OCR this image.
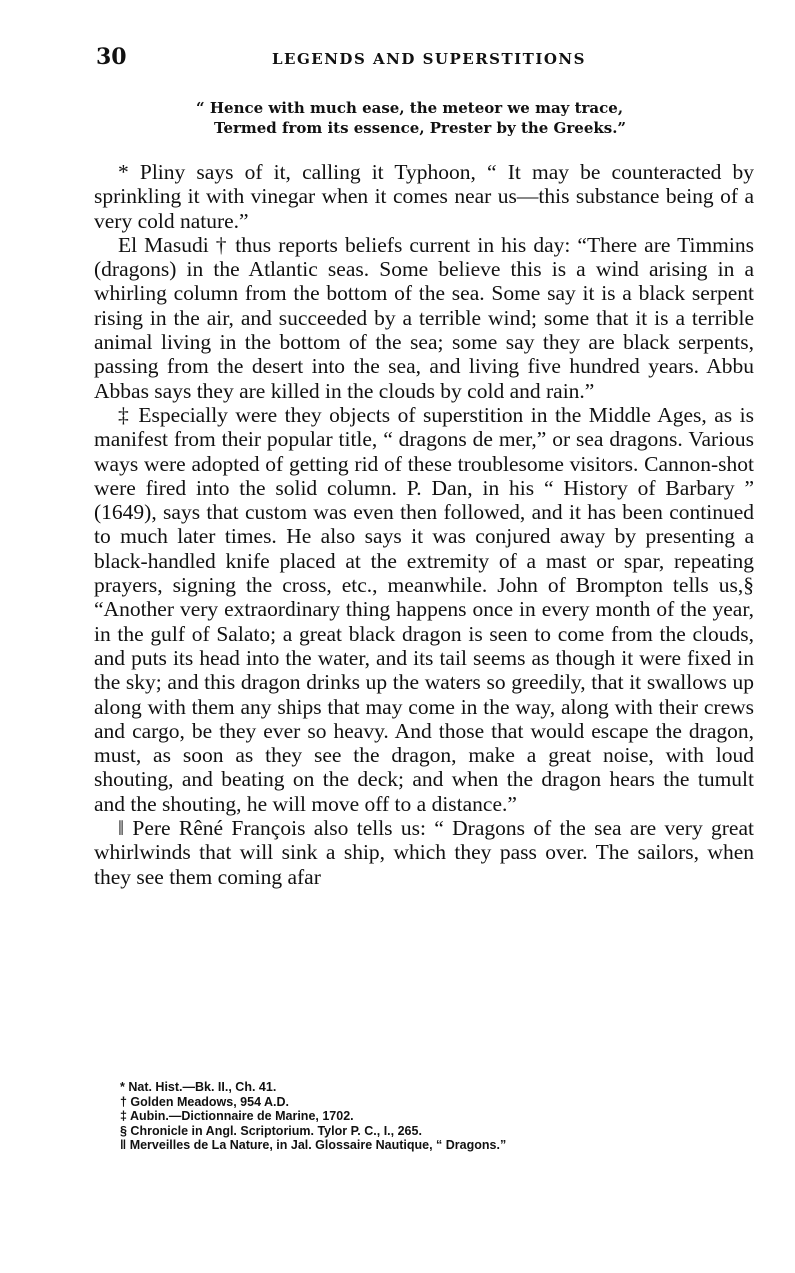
30	LEGENDS AND SUPERSTITIONS
“ Hence with much ease, the meteor we may trace,
Termed from its essence, Prester by the Greeks.”

* Pliny says of it, calling it Typhoon, “ It may be counteracted by sprinkling it with vinegar when it comes near us—this substance being of a very cold nature.”

El Masudi † thus reports beliefs current in his day: “There are Timmins (dragons) in the Atlantic seas. Some believe this is a wind arising in a whirling column from the bottom of the sea. Some say it is a black serpent rising in the air, and succeeded by a terrible wind; some that it is a terrible animal living in the bottom of the sea; some say they are black serpents, passing from the desert into the sea, and living five hundred years. Abbu Abbas says they are killed in the clouds by cold and rain.”

‡ Especially were they objects of superstition in the Middle Ages, as is manifest from their popular title, “ dragons de mer,” or sea dragons. Various ways were adopted of getting rid of these troublesome visitors. Cannon-shot were fired into the solid column. P. Dan, in his “ History of Barbary ” (1649), says that custom was even then followed, and it has been continued to much later times. He also says it was conjured away by presenting a black-handled knife placed at the extremity of a mast or spar, repeating prayers, signing the cross, etc., meanwhile. John of Brompton tells us,§ “Another very extraordinary thing happens once in every month of the year, in the gulf of Salato; a great black dragon is seen to come from the clouds, and puts its head into the water, and its tail seems as though it were fixed in the sky; and this dragon drinks up the waters so greedily, that it swallows up along with them any ships that may come in the way, along with their crews and cargo, be they ever so heavy. And those that would escape the dragon, must, as soon as they see the dragon, make a great noise, with loud shouting, and beating on the deck; and when the dragon hears the tumult and the shouting, he will move off to a distance.”

‖ Pere Rêné François also tells us: “ Dragons of the sea are very great whirlwinds that will sink a ship, which they pass over. The sailors, when they see them coming afar

* Nat. Hist.—Bk. II., Ch. 41.
† Golden Meadows, 954 A.D.
‡ Aubin.—Dictionnaire de Marine, 1702.
§ Chronicle in Angl. Scriptorium. Tylor P. C., I., 265.
‖ Merveilles de La Nature, in Jal. Glossaire Nautique, “ Dragons.”
